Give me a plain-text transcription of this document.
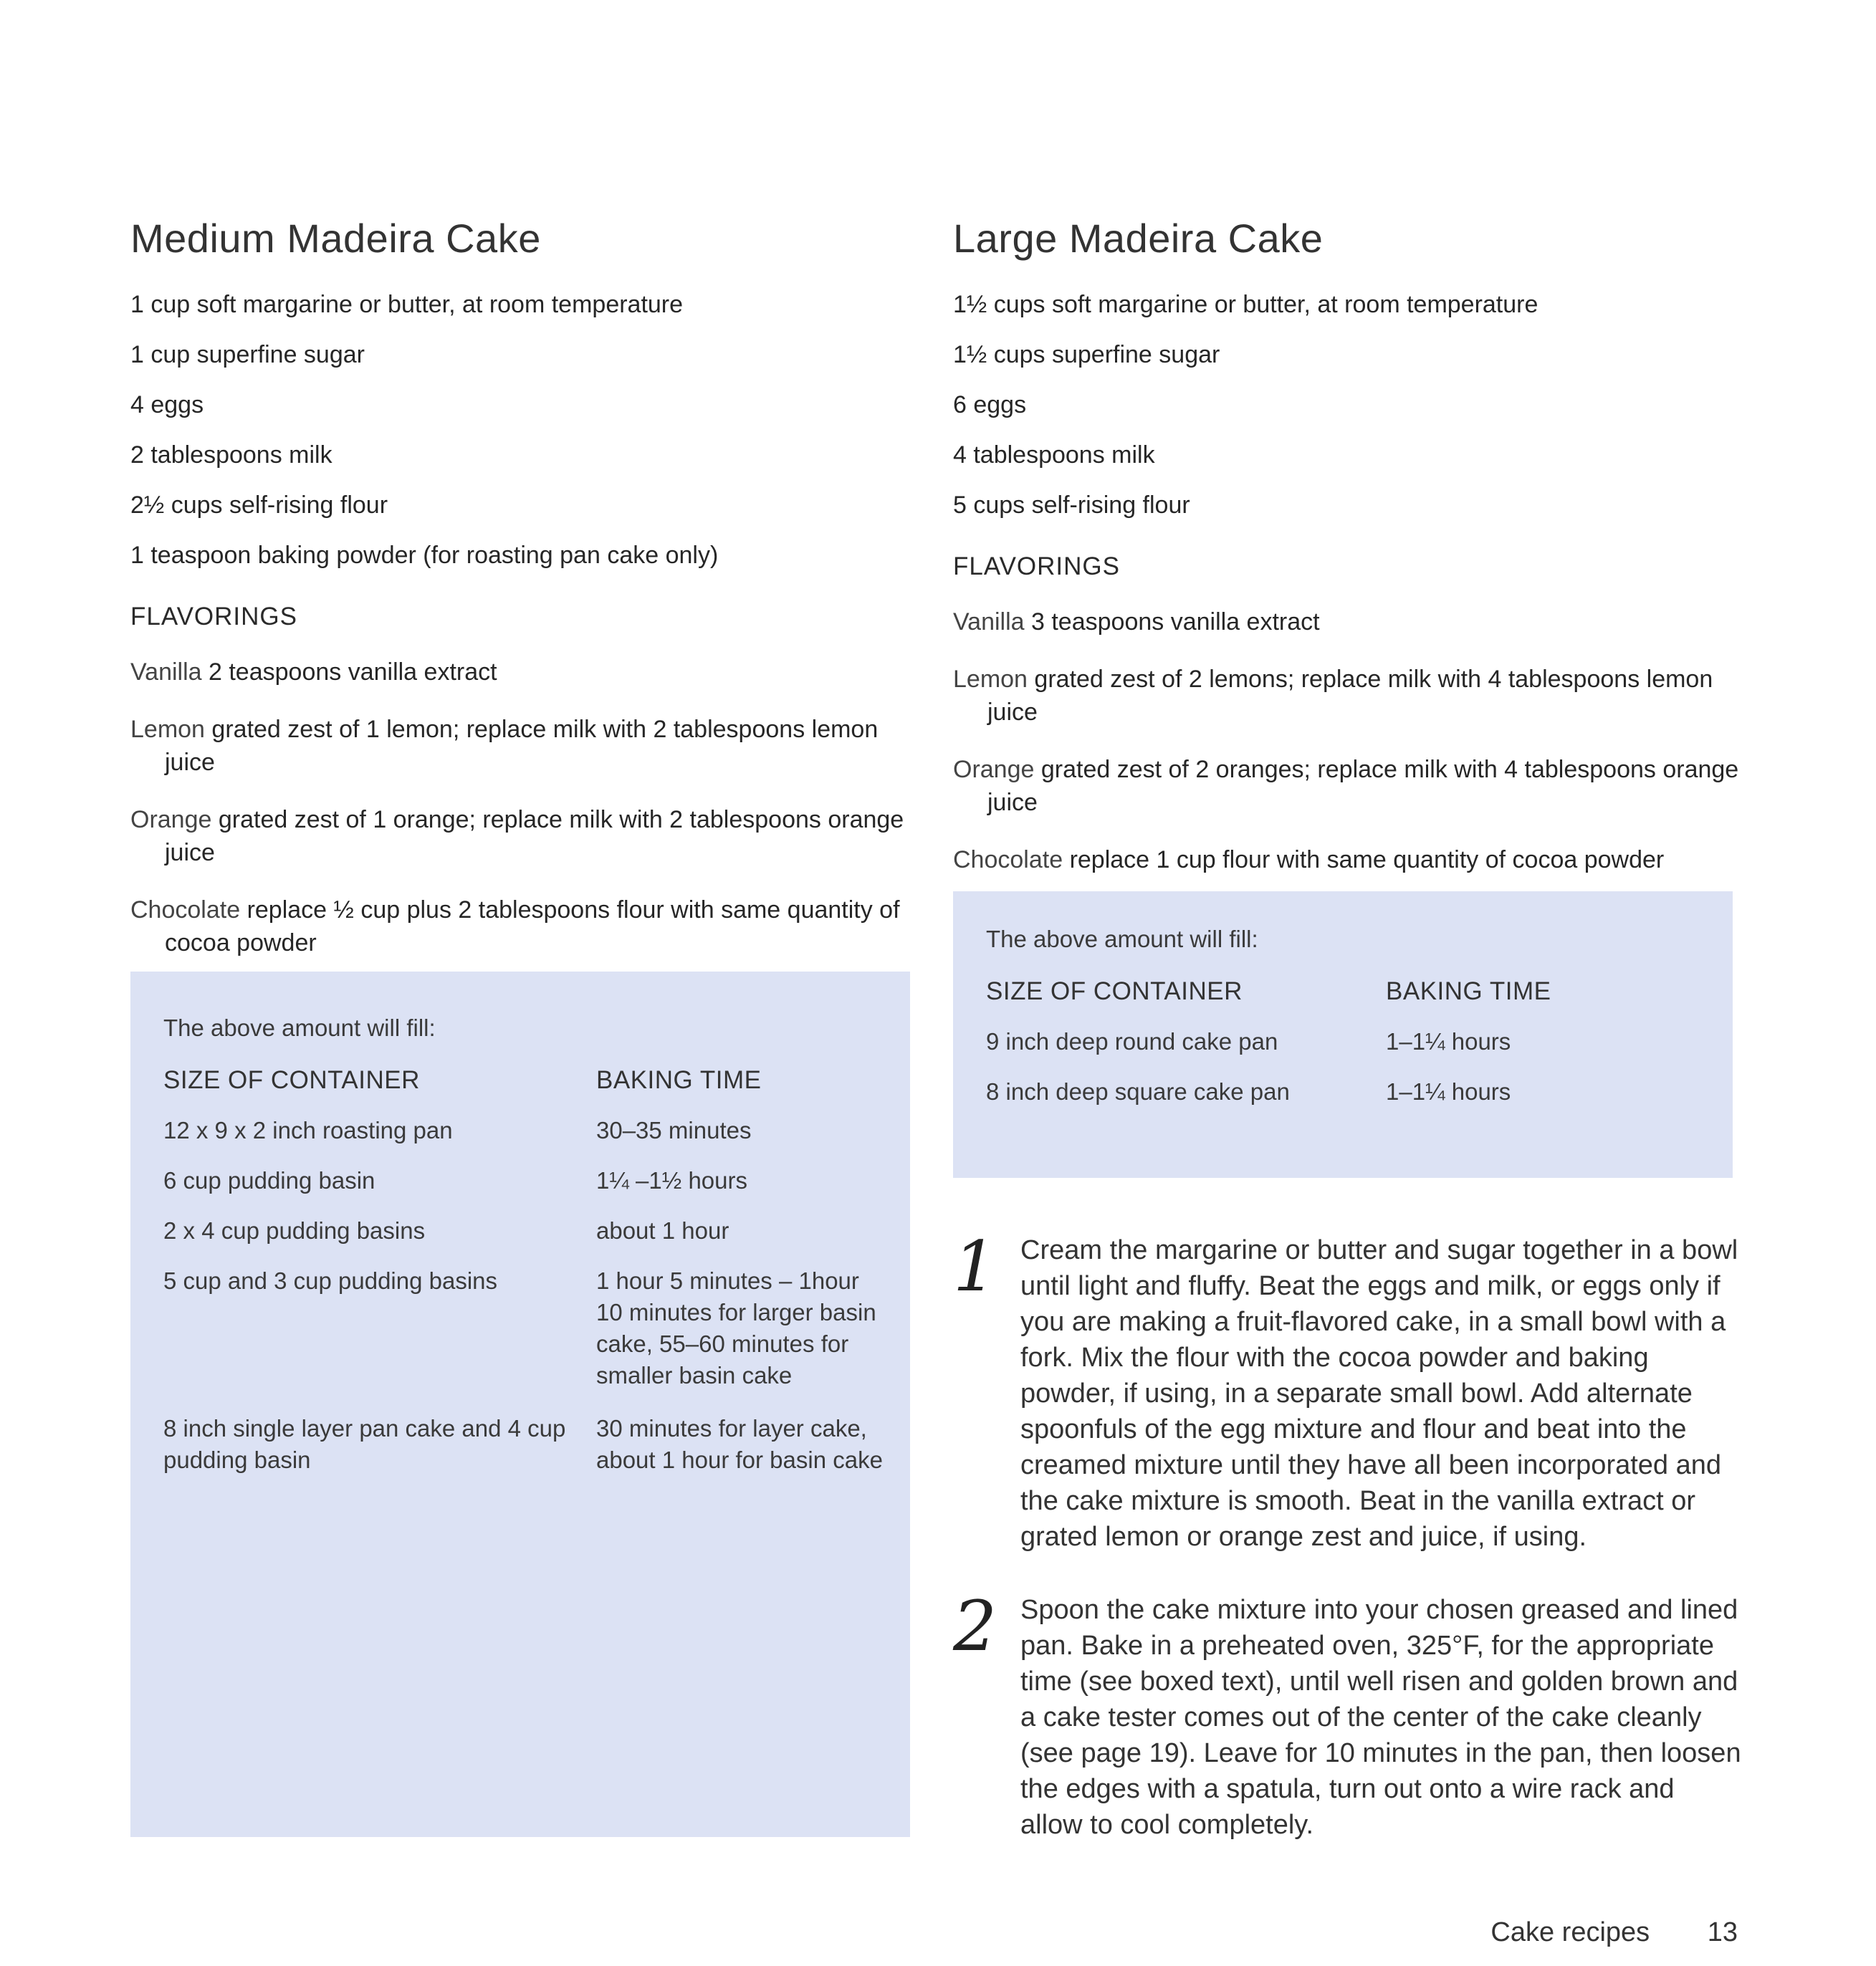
Medium Madeira Cake

1 cup soft margarine or butter, at room temperature

1 cup superfine sugar

4 eggs

2 tablespoons milk

2½ cups self-rising flour

1 teaspoon baking powder (for roasting pan cake only)

FLAVORINGS

Vanilla 2 teaspoons vanilla extract

Lemon grated zest of 1 lemon; replace milk with 2 tablespoons lemon juice

Orange grated zest of 1 orange; replace milk with 2 tablespoons orange juice

Chocolate replace ½ cup plus 2 tablespoons flour with same quantity of cocoa powder

The above amount will fill:

SIZE OF CONTAINER	BAKING TIME
12 x 9 x 2 inch roasting pan	30–35 minutes
6 cup pudding basin	1¼ –1½ hours
2 x 4 cup pudding basins	about 1 hour
5 cup and 3 cup pudding basins	1 hour 5 minutes – 1hour 10 minutes for larger basin cake, 55–60 minutes for smaller basin cake
8 inch single layer pan cake and 4 cup pudding basin	30 minutes for layer cake, about 1 hour for basin cake
Large Madeira Cake

1½ cups soft margarine or butter, at room temperature

1½ cups superfine sugar

6 eggs

4 tablespoons milk

5 cups self-rising flour

FLAVORINGS

Vanilla 3 teaspoons vanilla extract

Lemon grated zest of 2 lemons; replace milk with 4 tablespoons lemon juice

Orange grated zest of 2 oranges; replace milk with 4 tablespoons orange juice

Chocolate replace 1 cup flour with same quantity of cocoa powder

The above amount will fill:

SIZE OF CONTAINER	BAKING TIME
9 inch deep round cake pan	1–1¼ hours
8 inch deep square cake pan	1–1¼ hours
1 Cream the margarine or butter and sugar together in a bowl until light and fluffy. Beat the eggs and milk, or eggs only if you are making a fruit-flavored cake, in a small bowl with a fork. Mix the flour with the cocoa powder and baking powder, if using, in a separate small bowl. Add alternate spoonfuls of the egg mixture and flour and beat into the creamed mixture until they have all been incorporated and the cake mixture is smooth. Beat in the vanilla extract or grated lemon or orange zest and juice, if using.

2 Spoon the cake mixture into your chosen greased and lined pan. Bake in a preheated oven, 325°F, for the appropriate time (see boxed text), until well risen and golden brown and a cake tester comes out of the center of the cake cleanly (see page 19). Leave for 10 minutes in the pan, then loosen the edges with a spatula, turn out onto a wire rack and allow to cool completely.

Cake recipes 13
